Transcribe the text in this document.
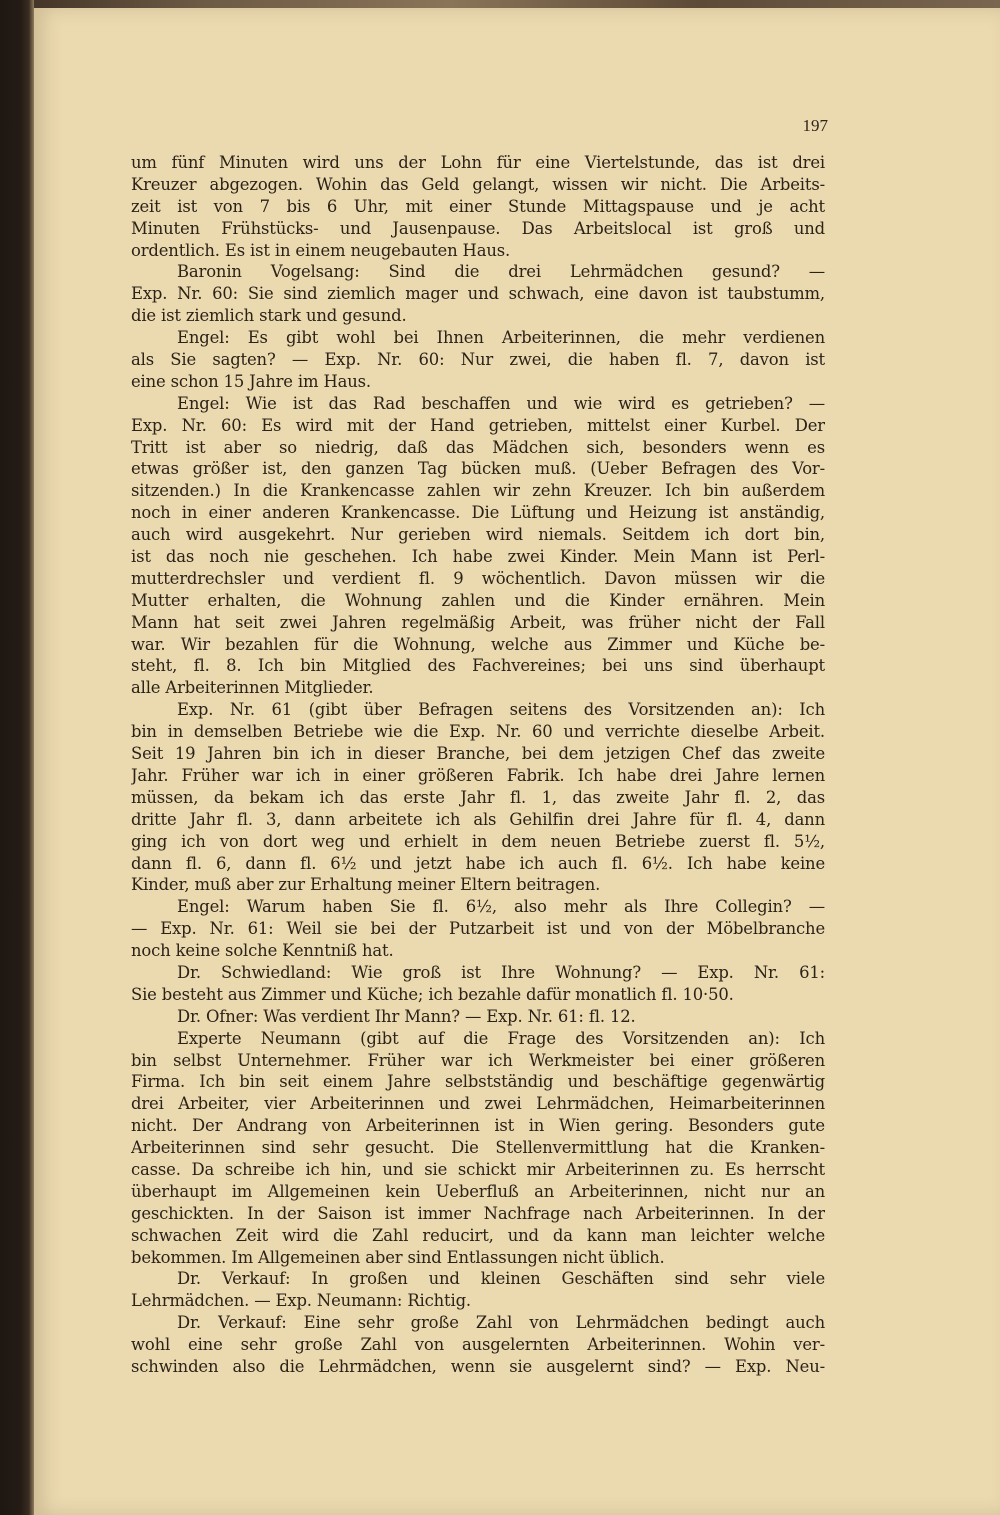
197
um fünf Minuten wird uns der Lohn für eine Viertelstunde, das ist drei
Kreuzer abgezogen. Wohin das Geld gelangt, wissen wir nicht. Die Arbeits-
zeit ist von 7 bis 6 Uhr, mit einer Stunde Mittagspause und je acht
Minuten Frühstücks- und Jausenpause. Das Arbeitslocal ist groß und
ordentlich. Es ist in einem neugebauten Haus.
Baronin Vogelsang: Sind die drei Lehrmädchen gesund? —
Exp. Nr. 60: Sie sind ziemlich mager und schwach, eine davon ist taubstumm,
die ist ziemlich stark und gesund.
Engel: Es gibt wohl bei Ihnen Arbeiterinnen, die mehr verdienen
als Sie sagten? — Exp. Nr. 60: Nur zwei, die haben fl. 7, davon ist
eine schon 15 Jahre im Haus.
Engel: Wie ist das Rad beschaffen und wie wird es getrieben? —
Exp. Nr. 60: Es wird mit der Hand getrieben, mittelst einer Kurbel. Der
Tritt ist aber so niedrig, daß das Mädchen sich, besonders wenn es
etwas größer ist, den ganzen Tag bücken muß. (Ueber Befragen des Vor-
sitzenden.) In die Krankencasse zahlen wir zehn Kreuzer. Ich bin außerdem
noch in einer anderen Krankencasse. Die Lüftung und Heizung ist anständig,
auch wird ausgekehrt. Nur gerieben wird niemals. Seitdem ich dort bin,
ist das noch nie geschehen. Ich habe zwei Kinder. Mein Mann ist Perl-
mutterdrechsler und verdient fl. 9 wöchentlich. Davon müssen wir die
Mutter erhalten, die Wohnung zahlen und die Kinder ernähren. Mein
Mann hat seit zwei Jahren regelmäßig Arbeit, was früher nicht der Fall
war. Wir bezahlen für die Wohnung, welche aus Zimmer und Küche be-
steht, fl. 8. Ich bin Mitglied des Fachvereines; bei uns sind überhaupt
alle Arbeiterinnen Mitglieder.
Exp. Nr. 61 (gibt über Befragen seitens des Vorsitzenden an): Ich
bin in demselben Betriebe wie die Exp. Nr. 60 und verrichte dieselbe Arbeit.
Seit 19 Jahren bin ich in dieser Branche, bei dem jetzigen Chef das zweite
Jahr. Früher war ich in einer größeren Fabrik. Ich habe drei Jahre lernen
müssen, da bekam ich das erste Jahr fl. 1, das zweite Jahr fl. 2, das
dritte Jahr fl. 3, dann arbeitete ich als Gehilfin drei Jahre für fl. 4, dann
ging ich von dort weg und erhielt in dem neuen Betriebe zuerst fl. 5½,
dann fl. 6, dann fl. 6½ und jetzt habe ich auch fl. 6½. Ich habe keine
Kinder, muß aber zur Erhaltung meiner Eltern beitragen.
Engel: Warum haben Sie fl. 6½, also mehr als Ihre Collegin? —
— Exp. Nr. 61: Weil sie bei der Putzarbeit ist und von der Möbelbranche
noch keine solche Kenntniß hat.
Dr. Schwiedland: Wie groß ist Ihre Wohnung? — Exp. Nr. 61:
Sie besteht aus Zimmer und Küche; ich bezahle dafür monatlich fl. 10·50.
Dr. Ofner: Was verdient Ihr Mann? — Exp. Nr. 61: fl. 12.
Experte Neumann (gibt auf die Frage des Vorsitzenden an): Ich
bin selbst Unternehmer. Früher war ich Werkmeister bei einer größeren
Firma. Ich bin seit einem Jahre selbstständig und beschäftige gegenwärtig
drei Arbeiter, vier Arbeiterinnen und zwei Lehrmädchen, Heimarbeiterinnen
nicht. Der Andrang von Arbeiterinnen ist in Wien gering. Besonders gute
Arbeiterinnen sind sehr gesucht. Die Stellenvermittlung hat die Kranken-
casse. Da schreibe ich hin, und sie schickt mir Arbeiterinnen zu. Es herrscht
überhaupt im Allgemeinen kein Ueberfluß an Arbeiterinnen, nicht nur an
geschickten. In der Saison ist immer Nachfrage nach Arbeiterinnen. In der
schwachen Zeit wird die Zahl reducirt, und da kann man leichter welche
bekommen. Im Allgemeinen aber sind Entlassungen nicht üblich.
Dr. Verkauf: In großen und kleinen Geschäften sind sehr viele
Lehrmädchen. — Exp. Neumann: Richtig.
Dr. Verkauf: Eine sehr große Zahl von Lehrmädchen bedingt auch
wohl eine sehr große Zahl von ausgelernten Arbeiterinnen. Wohin ver-
schwinden also die Lehrmädchen, wenn sie ausgelernt sind? — Exp. Neu-
